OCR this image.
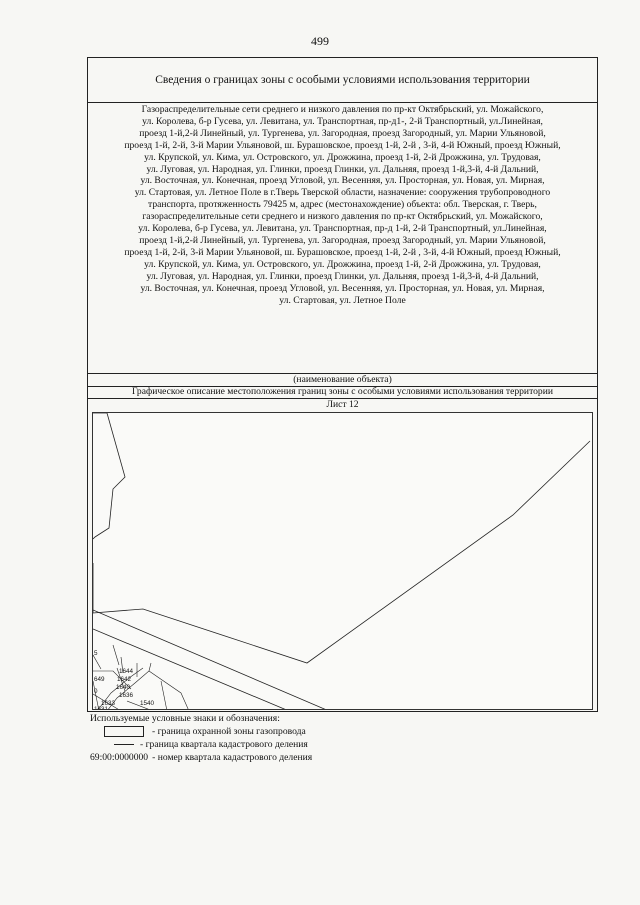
499
Сведения о границах зоны с особыми условиями использования территории
Газораспределительные сети среднего и низкого давления по пр-кт Октябрьский, ул. Можайского,
ул. Королева, б-р Гусева, ул. Левитана, ул. Транспортная, пр-д1-, 2-й Транспортный, ул.Линейная,
проезд 1-й,2-й Линейный, ул. Тургенева, ул. Загородная, проезд Загородный, ул. Марии Ульяновой,
проезд 1-й, 2-й, 3-й Марии Ульяновой, ш. Бурашовское, проезд 1-й, 2-й , 3-й, 4-й Южный, проезд Южный,
ул. Крупской, ул. Кима, ул. Островского, ул. Дрожжина, проезд 1-й, 2-й Дрожжина, ул. Трудовая,
ул. Луговая, ул. Народная, ул. Глинки, проезд Глинки, ул. Дальняя, проезд 1-й,3-й, 4-й Дальний,
ул. Восточная, ул. Конечная, проезд Угловой, ул. Весенняя, ул. Просторная, ул. Новая, ул. Мирная,
ул. Стартовая, ул. Летное Поле в г.Тверь Тверской области, назначение: сооружения трубопроводного
транспорта, протяженность 79425 м, адрес (местонахождение) объекта: обл. Тверская, г. Тверь,
газораспределительные сети среднего и низкого давления по пр-кт Октябрьский, ул. Можайского,
ул. Королева, б-р Гусева, ул. Левитана, ул. Транспортная, пр-д 1-й, 2-й Транспортный, ул.Линейная,
проезд 1-й,2-й Линейный, ул. Тургенева, ул. Загородная, проезд Загородный, ул. Марии Ульяновой,
проезд 1-й, 2-й, 3-й Марии Ульяновой, ш. Бурашовское, проезд 1-й, 2-й , 3-й, 4-й Южный, проезд Южный,
ул. Крупской, ул. Кима, ул. Островского, ул. Дрожжина, проезд 1-й, 2-й Дрожжина, ул. Трудовая,
ул. Луговая, ул. Народная, ул. Глинки, проезд Глинки, ул. Дальняя, проезд 1-й,3-й, 4-й Дальний,
ул. Восточная, ул. Конечная, проезд Угловой, ул. Весенняя, ул. Просторная, ул. Новая, ул. Мирная,
ул. Стартовая, ул. Летное Поле
(наименование объекта)
Графическое описание местоположения границ зоны с особыми условиями использования территории
Лист 12
5
1644
649 1642
1640
0
1636
1633	1540
1631
Используемые условные знаки и обозначения:
- граница охранной зоны газопровода
- граница квартала кадастрового деления
69:00:0000000 - номер квартала кадастрового деления
